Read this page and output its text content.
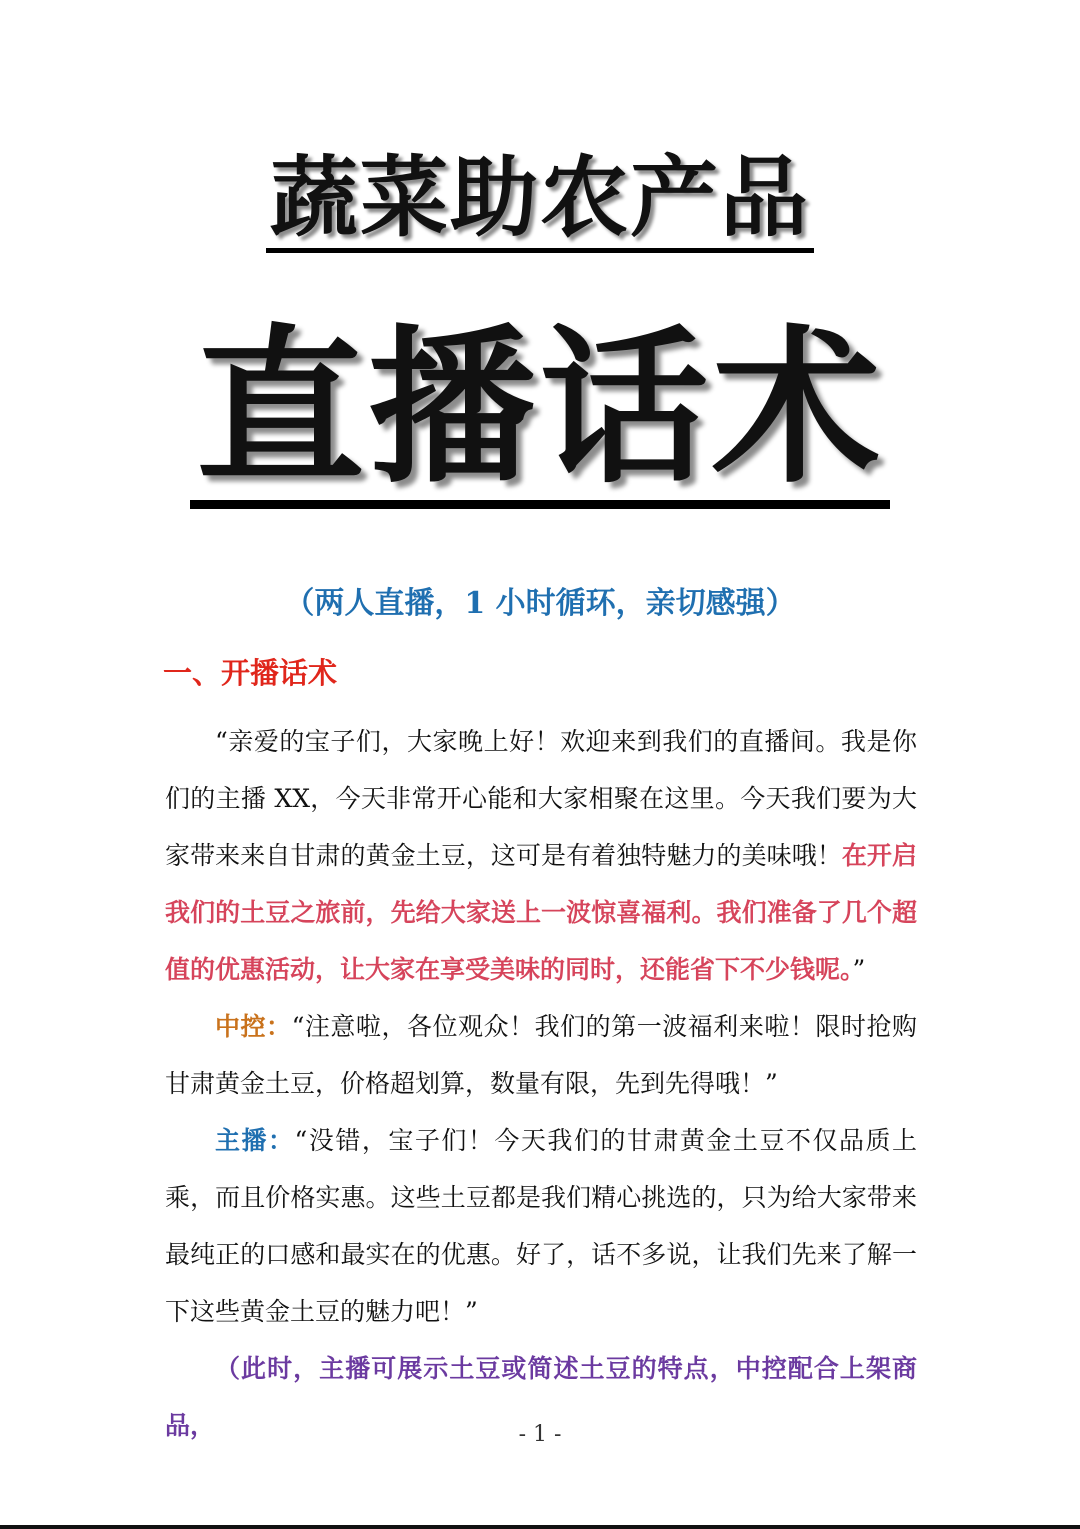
蔬菜助农产品
直播话术
（两人直播，1 小时循环，亲切感强）
一、开播话术

“亲爱的宝子们，大家晚上好！欢迎来到我们的直播间。我是你们的主播 XX，今天非常开心能和大家相聚在这里。今天我们要为大家带来来自甘肃的黄金土豆，这可是有着独特魅力的美味哦！在开启我们的土豆之旅前，先给大家送上一波惊喜福利。我们准备了几个超值的优惠活动，让大家在享受美味的同时，还能省下不少钱呢。”

中控：“注意啦，各位观众！我们的第一波福利来啦！限时抢购甘肃黄金土豆，价格超划算，数量有限，先到先得哦！”

主播：“没错，宝子们！今天我们的甘肃黄金土豆不仅品质上乘，而且价格实惠。这些土豆都是我们精心挑选的，只为给大家带来最纯正的口感和最实在的优惠。好了，话不多说，让我们先来了解一下这些黄金土豆的魅力吧！”

（此时，主播可展示土豆或简述土豆的特点，中控配合上架商品，	- 1 -
